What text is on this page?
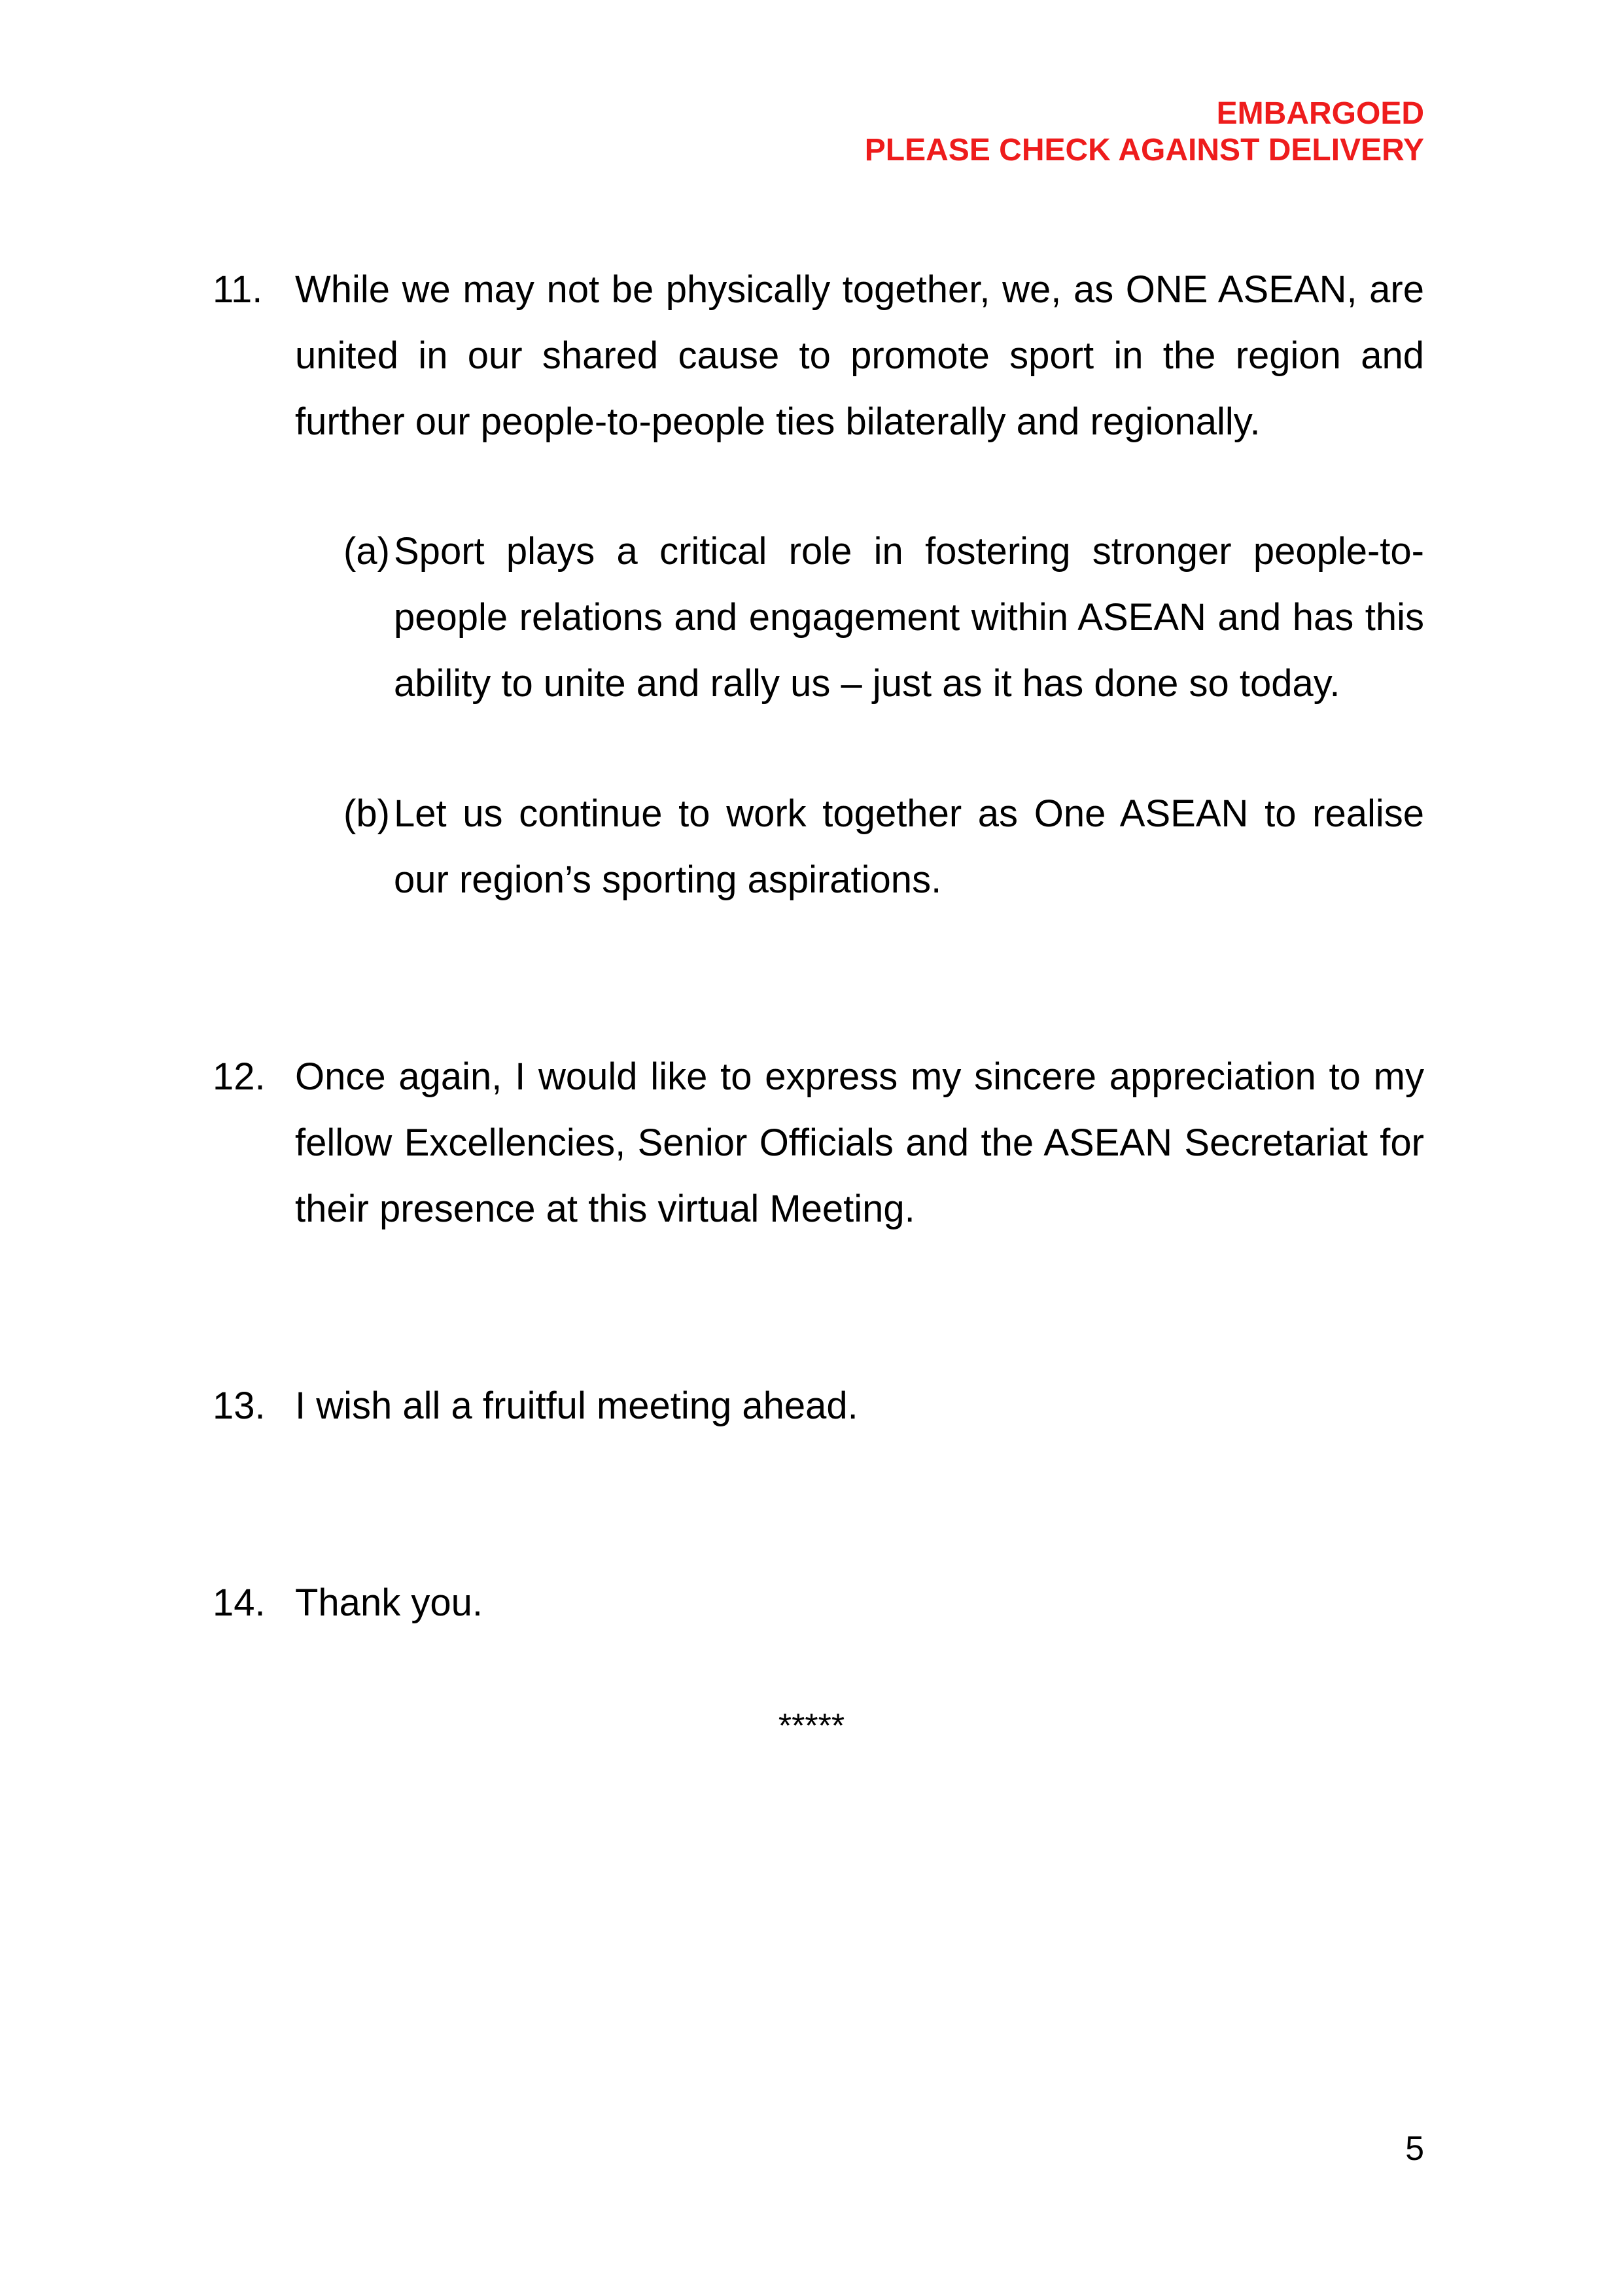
EMBARGOED
PLEASE CHECK AGAINST DELIVERY
11. While we may not be physically together, we, as ONE ASEAN, are united in our shared cause to promote sport in the region and further our people-to-people ties bilaterally and regionally.
(a) Sport plays a critical role in fostering stronger people-to-people relations and engagement within ASEAN and has this ability to unite and rally us – just as it has done so today.
(b) Let us continue to work together as One ASEAN to realise our region’s sporting aspirations.
12. Once again, I would like to express my sincere appreciation to my fellow Excellencies, Senior Officials and the ASEAN Secretariat for their presence at this virtual Meeting.
13. I wish all a fruitful meeting ahead.
14. Thank you.
*****
5
